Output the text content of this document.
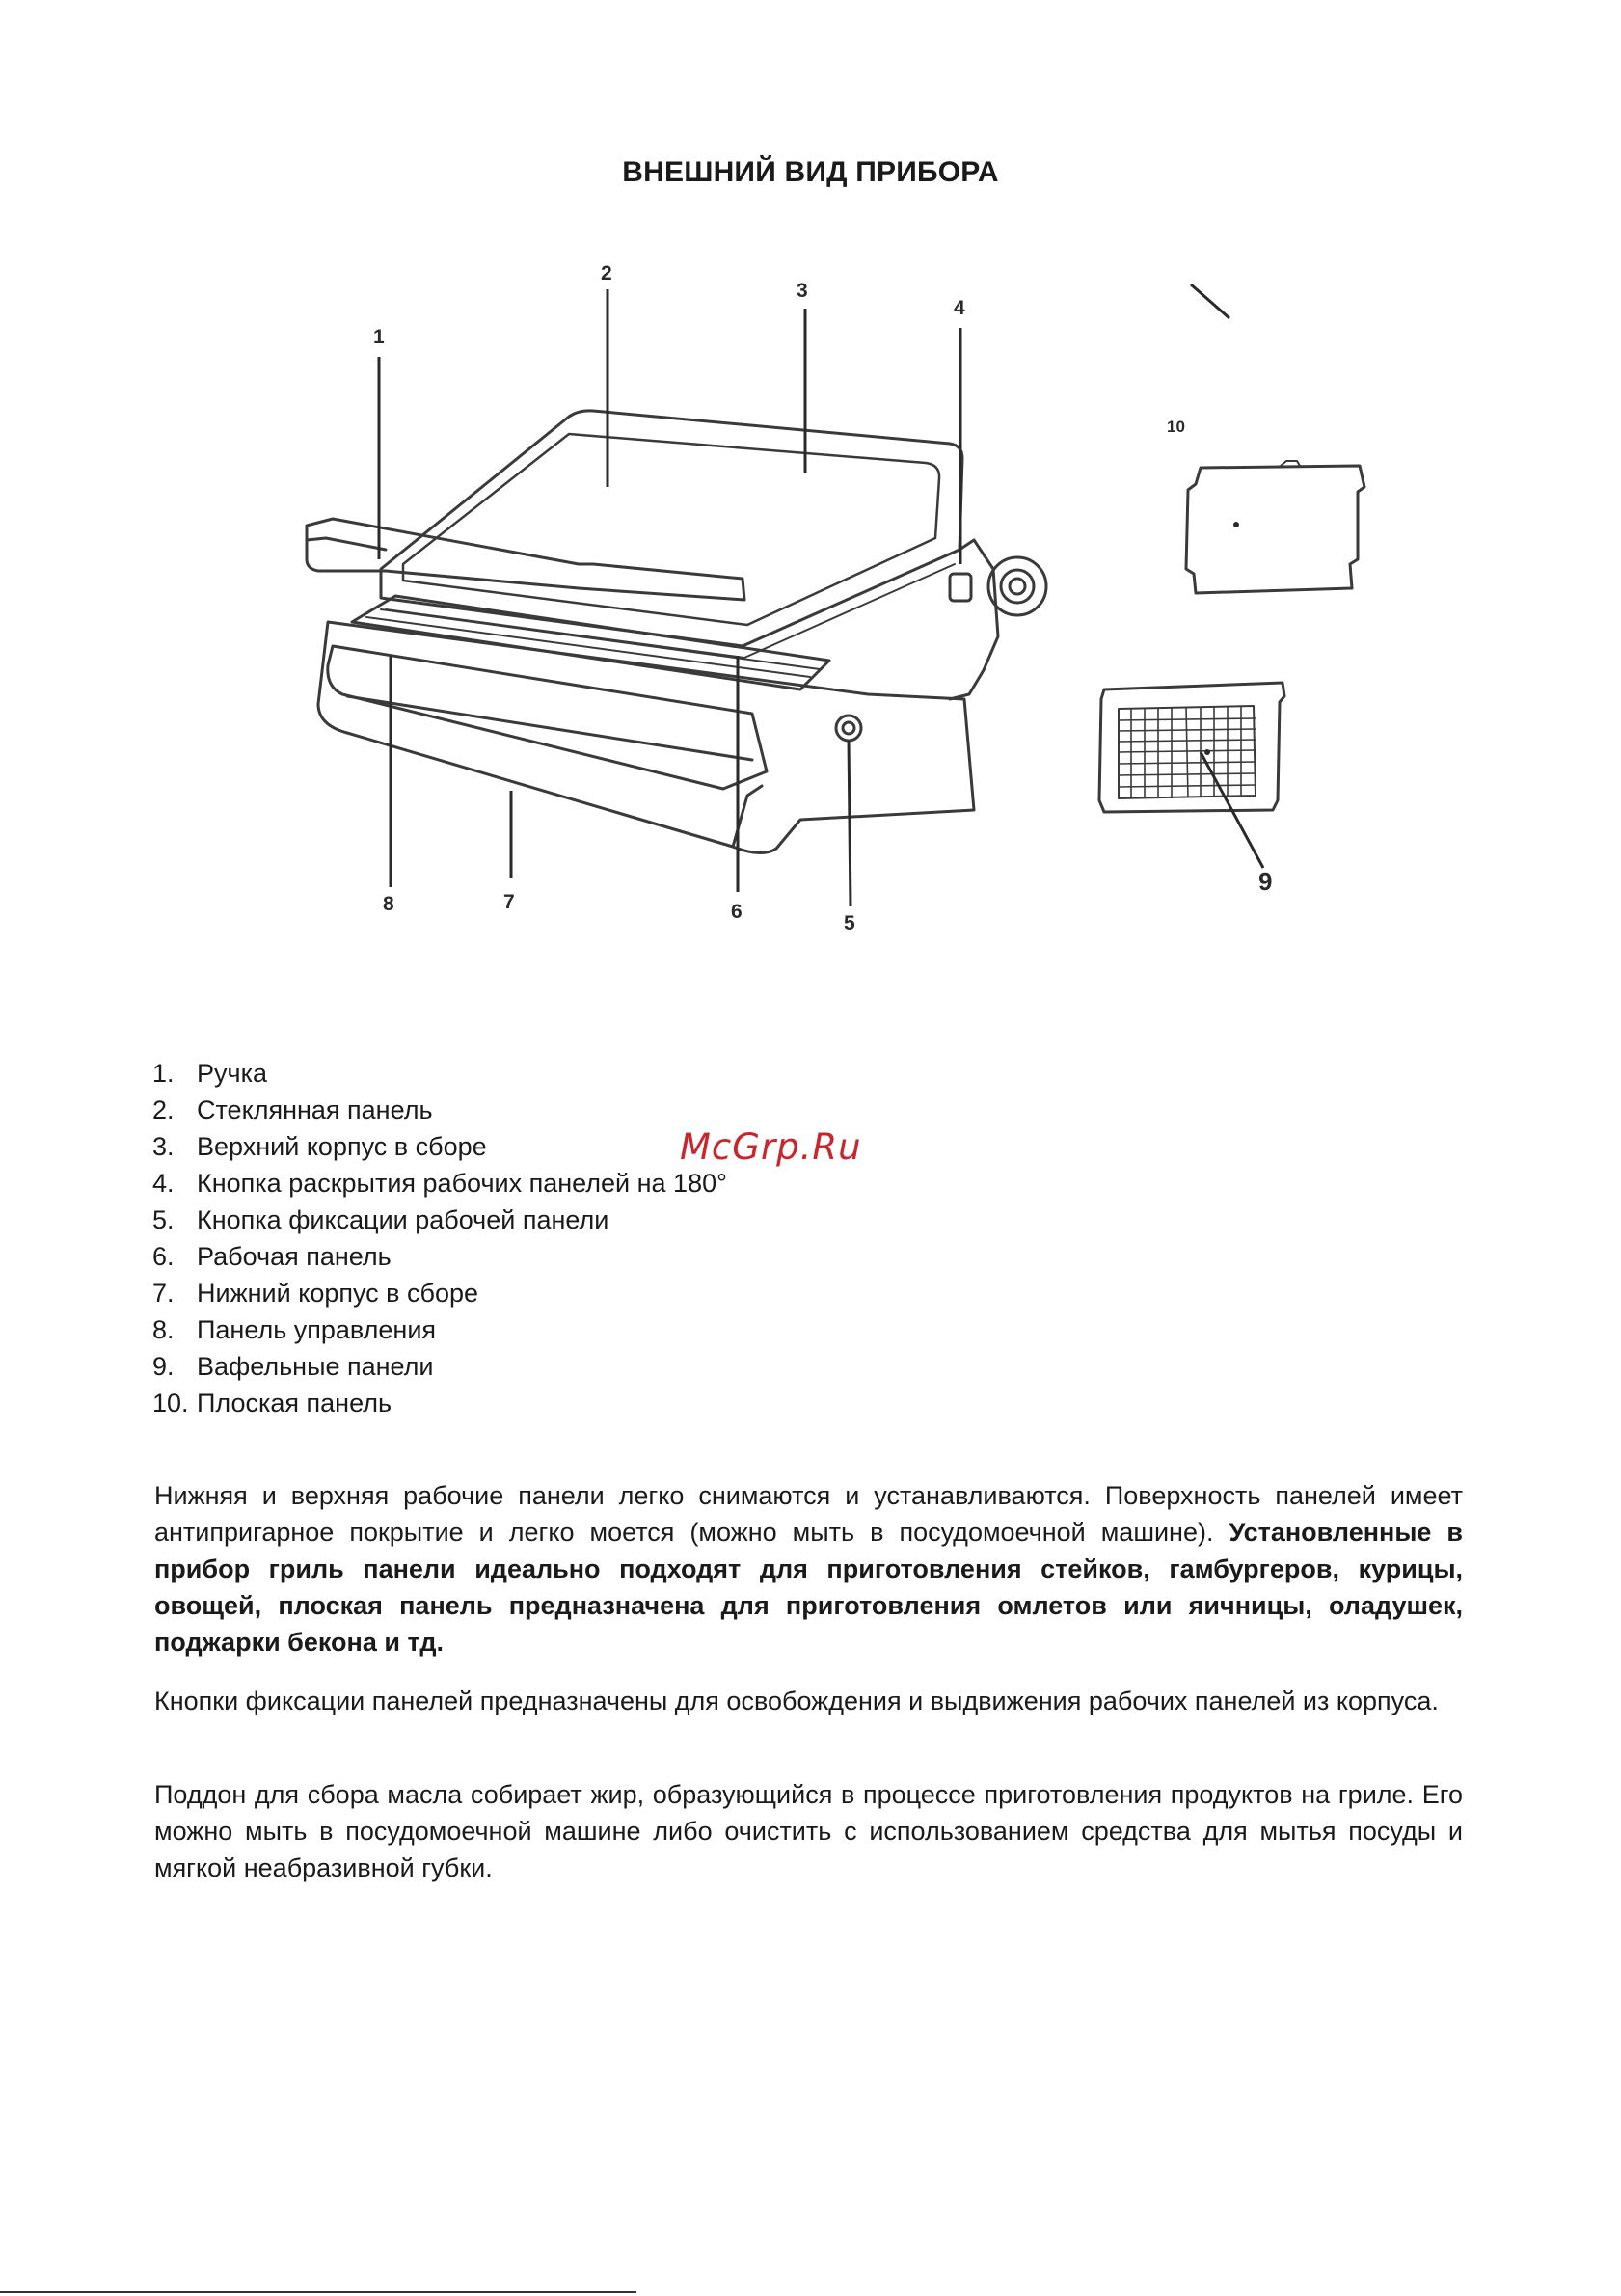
ВНЕШНИЙ ВИД ПРИБОРА
1
2
3
4
5
6
7
8
9
10
1. Ручка
2. Стеклянная панель
3. Верхний корпус в сборе
4. Кнопка раскрытия рабочих панелей на 180°
5. Кнопка фиксации рабочей панели
6. Рабочая панель
7. Нижний корпус в сборе
8. Панель управления
9. Вафельные панели
10. Плоская панель
McGrp.Ru

Нижняя и верхняя рабочие панели легко снимаются и устанавливаются. Поверхность панелей имеет антипригарное покрытие и легко моется (можно мыть в посудомоечной машине). Установленные в прибор гриль панели идеально подходят для приготовления стейков, гамбургеров, курицы, овощей, плоская панель предназначена для приготовления омлетов или яичницы, оладушек, поджарки бекона и тд.

Кнопки фиксации панелей предназначены для освобождения и выдвижения рабочих панелей из корпуса.

Поддон для сбора масла собирает жир, образующийся в процессе приготовления продуктов на гриле. Его можно мыть в посудомоечной машине либо очистить с использованием средства для мытья посуды и мягкой неабразивной губки.
